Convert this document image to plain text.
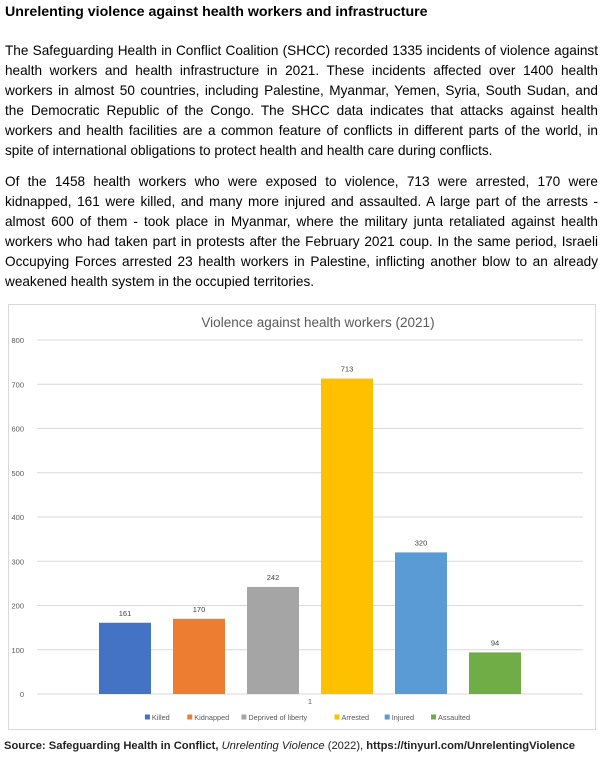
Unrelenting violence against health workers and infrastructure

The Safeguarding Health in Conflict Coalition (SHCC) recorded 1335 incidents of violence against health workers and health infrastructure in 2021. These incidents affected over 1400 health workers in almost 50 countries, including Palestine, Myanmar, Yemen, Syria, South Sudan, and the Democratic Republic of the Congo. The SHCC data indicates that attacks against health workers and health facilities are a common feature of conflicts in different parts of the world, in spite of international obligations to protect health and health care during conflicts.

Of the 1458 health workers who were exposed to violence, 713 were arrested, 170 were kidnapped, 161 were killed, and many more injured and assaulted. A large part of the arrests - almost 600 of them - took place in Myanmar, where the military junta retaliated against health workers who had taken part in protests after the February 2021 coup. In the same period, Israeli Occupying Forces arrested 23 health workers in Palestine, inflicting another blow to an already weakened health system in the occupied territories.

Violence against health workers (2021)
0
100
200
300
400
500
600
700
800
161	170
242
713
320
94
1
Killed	Kidnapped	Deprived of liberty	Arrested	Injured	Assaulted
Source: Safeguarding Health in Conflict, Unrelenting Violence (2022), https://tinyurl.com/UnrelentingViolence
